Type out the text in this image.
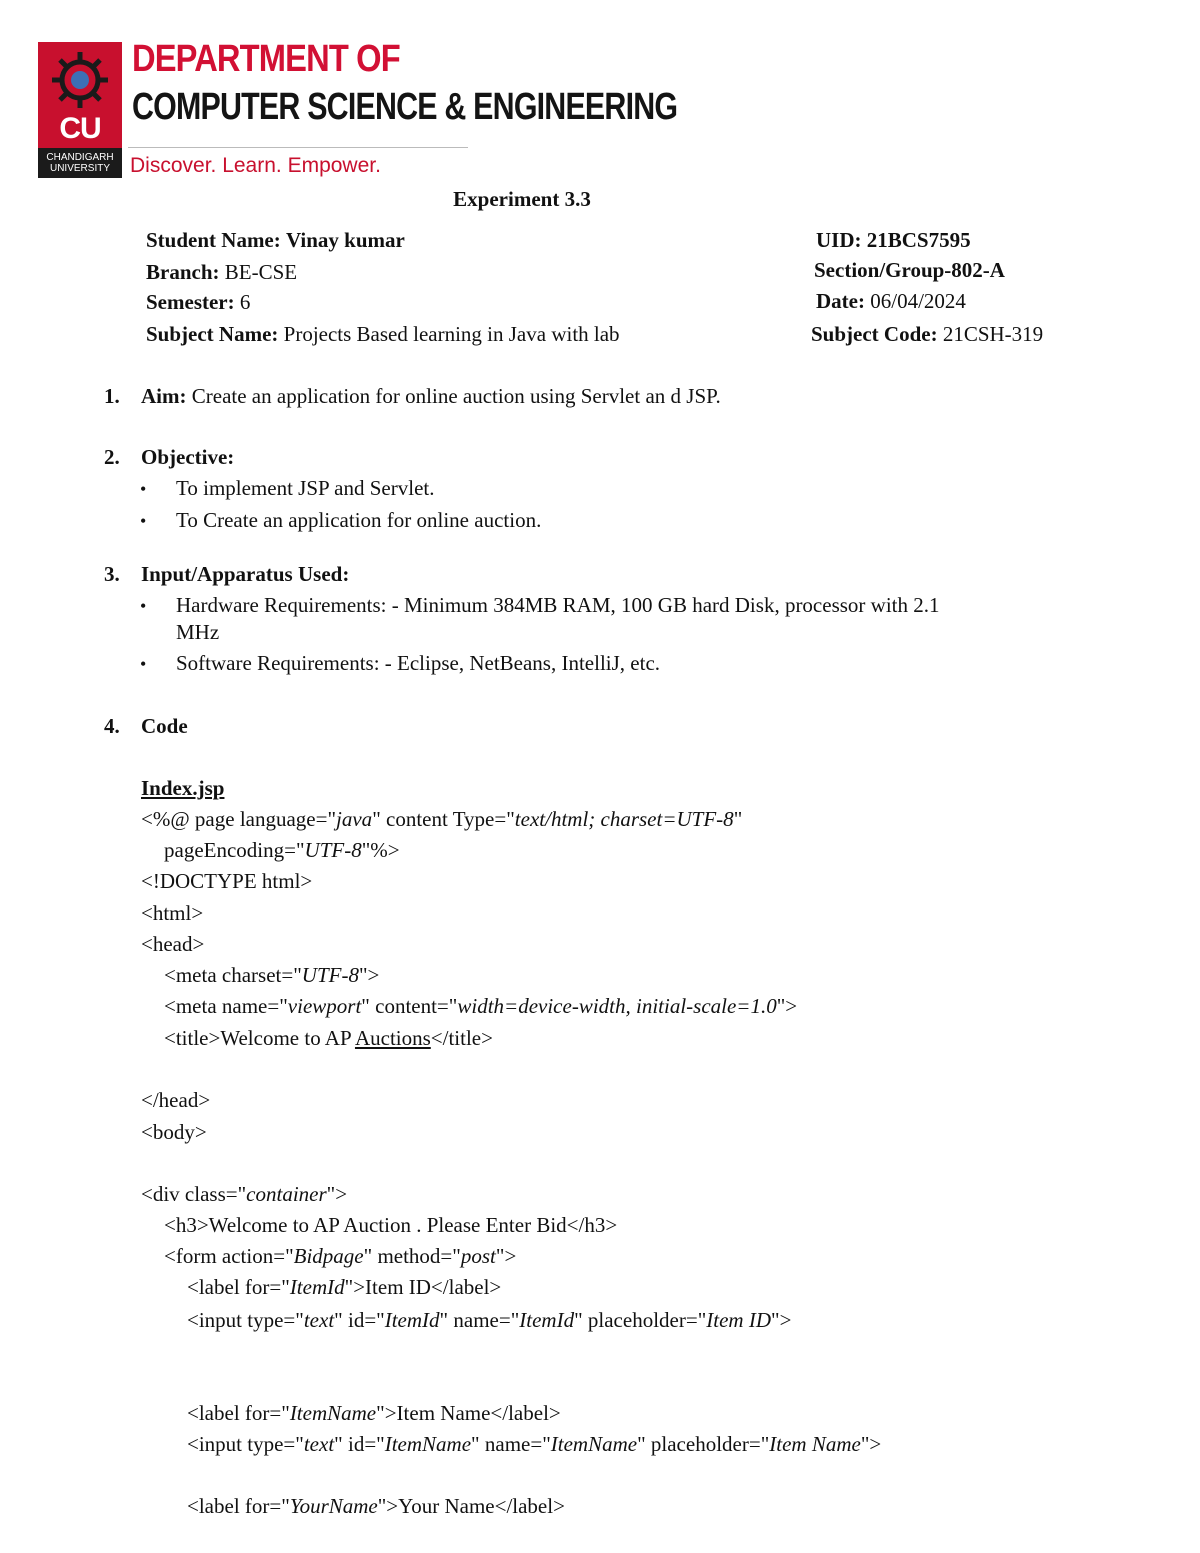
CU
CHANDIGARH
UNIVERSITY
DEPARTMENT OF
COMPUTER SCIENCE & ENGINEERING
Discover. Learn. Empower.
Experiment 3.3
Student Name: Vinay kumar	UID: 21BCS7595
Branch: BE-CSE	Section/Group-802-A
Semester: 6	Date: 06/04/2024
Subject Name: Projects Based learning in Java with lab	Subject Code: 21CSH-319
1. Aim: Create an application for online auction using Servlet an d JSP.
2. Objective:
• To implement JSP and Servlet.
• To Create an application for online auction.
3. Input/Apparatus Used:
• Hardware Requirements: - Minimum 384MB RAM, 100 GB hard Disk, processor with 2.1
MHz
• Software Requirements: - Eclipse, NetBeans, IntelliJ, etc.
4. Code
Index.jsp
<%@ page language="java" content Type="text/html; charset=UTF-8"
pageEncoding="UTF-8"%>
<!DOCTYPE html>
<html>
<head>
<meta charset="UTF-8">
<meta name="viewport" content="width=device-width, initial-scale=1.0">
<title>Welcome to AP Auctions</title>
</head>
<body>
<div class="container">
<h3>Welcome to AP Auction . Please Enter Bid</h3>
<form action="Bidpage" method="post">
<label for="ItemId">Item ID</label>
<input type="text" id="ItemId" name="ItemId" placeholder="Item ID">
<label for="ItemName">Item Name</label>
<input type="text" id="ItemName" name="ItemName" placeholder="Item Name">
<label for="YourName">Your Name</label>
